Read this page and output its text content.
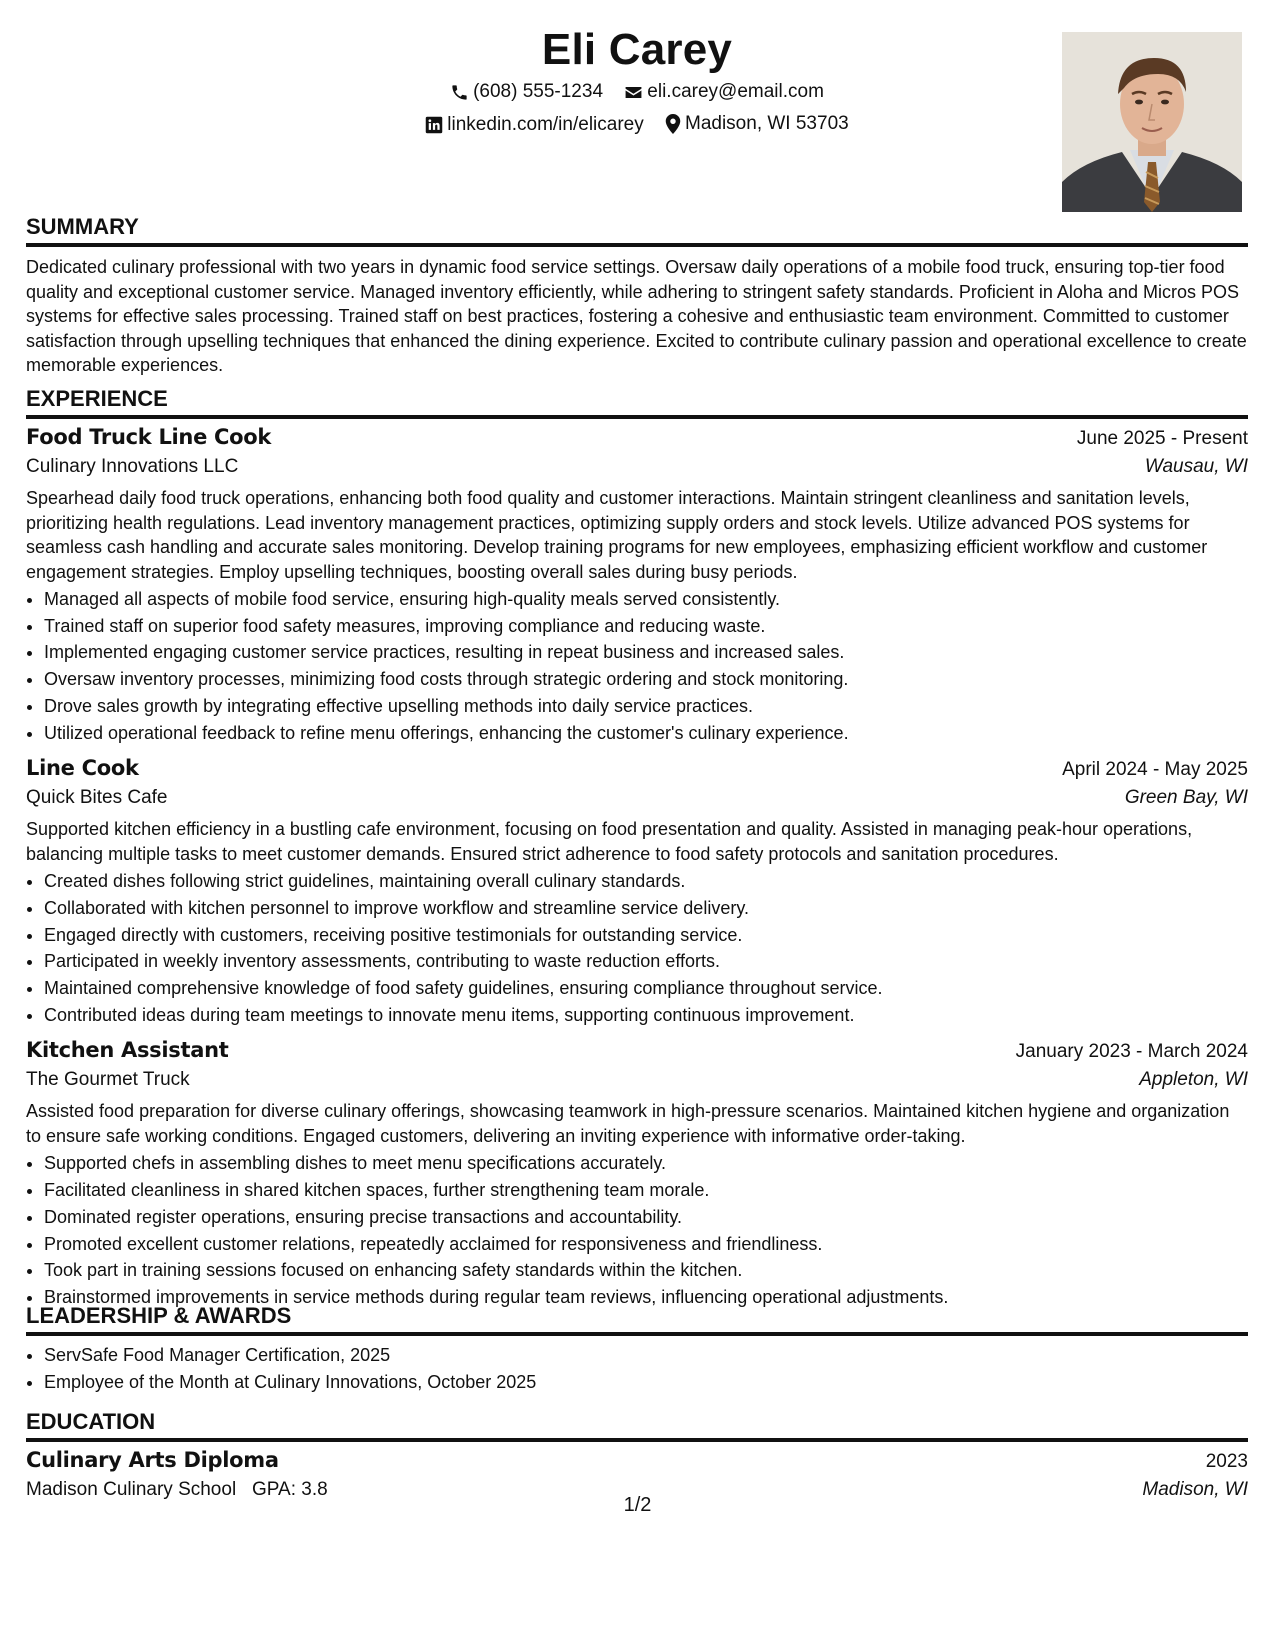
Eli Carey
(608) 555-1234
eli.carey@email.com
linkedin.com/in/elicarey
Madison, WI 53703
SUMMARY

Dedicated culinary professional with two years in dynamic food service settings. Oversaw daily operations of a mobile food truck, ensuring top-tier food quality and exceptional customer service. Managed inventory efficiently, while adhering to stringent safety standards. Proficient in Aloha and Micros POS systems for effective sales processing. Trained staff on best practices, fostering a cohesive and enthusiastic team environment. Committed to customer satisfaction through upselling techniques that enhanced the dining experience. Excited to contribute culinary passion and operational excellence to create memorable experiences.

EXPERIENCE
Food Truck Line Cook	June 2025 - Present
Culinary Innovations LLC	Wausau, WI

Spearhead daily food truck operations, enhancing both food quality and customer interactions. Maintain stringent cleanliness and sanitation levels, prioritizing health regulations. Lead inventory management practices, optimizing supply orders and stock levels. Utilize advanced POS systems for seamless cash handling and accurate sales monitoring. Develop training programs for new employees, emphasizing efficient workflow and customer engagement strategies. Employ upselling techniques, boosting overall sales during busy periods.

• Managed all aspects of mobile food service, ensuring high-quality meals served consistently.
• Trained staff on superior food safety measures, improving compliance and reducing waste.
• Implemented engaging customer service practices, resulting in repeat business and increased sales.
• Oversaw inventory processes, minimizing food costs through strategic ordering and stock monitoring.
• Drove sales growth by integrating effective upselling methods into daily service practices.
• Utilized operational feedback to refine menu offerings, enhancing the customer's culinary experience.
Line Cook	April 2024 - May 2025
Quick Bites Cafe	Green Bay, WI

Supported kitchen efficiency in a bustling cafe environment, focusing on food presentation and quality. Assisted in managing peak-hour operations, balancing multiple tasks to meet customer demands. Ensured strict adherence to food safety protocols and sanitation procedures.

• Created dishes following strict guidelines, maintaining overall culinary standards.
• Collaborated with kitchen personnel to improve workflow and streamline service delivery.
• Engaged directly with customers, receiving positive testimonials for outstanding service.
• Participated in weekly inventory assessments, contributing to waste reduction efforts.
• Maintained comprehensive knowledge of food safety guidelines, ensuring compliance throughout service.
• Contributed ideas during team meetings to innovate menu items, supporting continuous improvement.
Kitchen Assistant	January 2023 - March 2024
The Gourmet Truck	Appleton, WI

Assisted food preparation for diverse culinary offerings, showcasing teamwork in high-pressure scenarios. Maintained kitchen hygiene and organization to ensure safe working conditions. Engaged customers, delivering an inviting experience with informative order-taking.

• Supported chefs in assembling dishes to meet menu specifications accurately.
• Facilitated cleanliness in shared kitchen spaces, further strengthening team morale.
• Dominated register operations, ensuring precise transactions and accountability.
• Promoted excellent customer relations, repeatedly acclaimed for responsiveness and friendliness.
• Took part in training sessions focused on enhancing safety standards within the kitchen.
• Brainstormed improvements in service methods during regular team reviews, influencing operational adjustments.
LEADERSHIP & AWARDS
• ServSafe Food Manager Certification, 2025
• Employee of the Month at Culinary Innovations, October 2025
EDUCATION
Culinary Arts Diploma	2023
Madison Culinary School GPA: 3.8	Madison, WI
1/2
